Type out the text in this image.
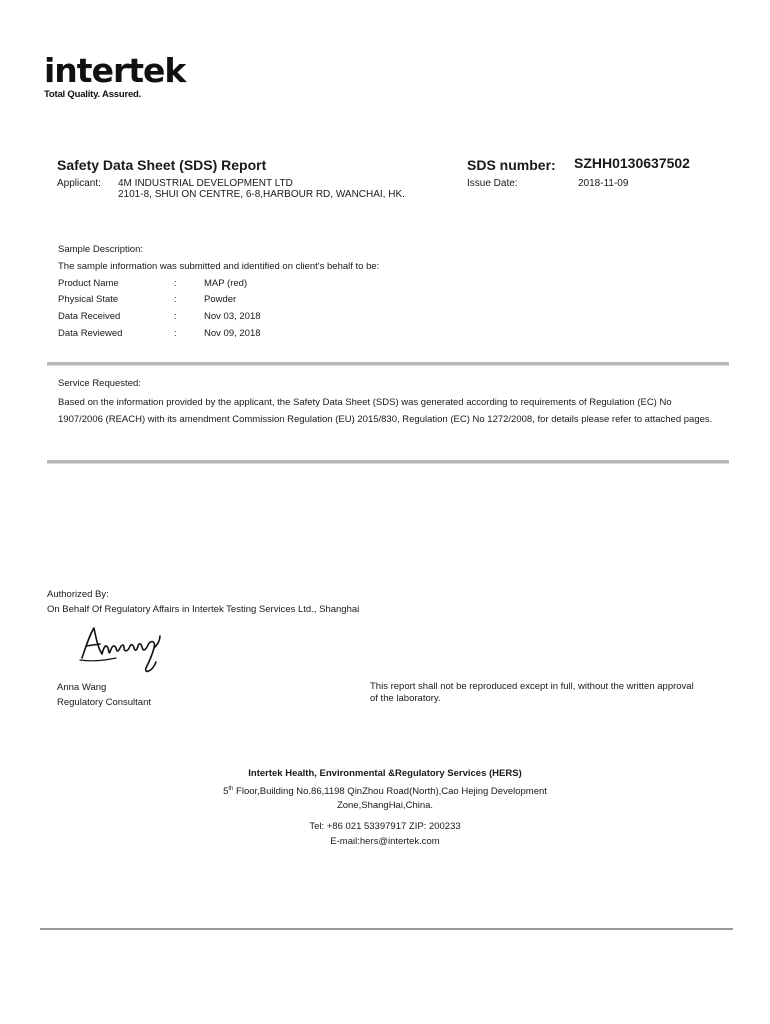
intertek
Total Quality. Assured.
Safety Data Sheet (SDS) Report	SDS number: SZHH0130637502
Applicant: 4M INDUSTRIAL DEVELOPMENT LTD
2101-8, SHUI ON CENTRE, 6-8,HARBOUR RD, WANCHAI, HK.
Issue Date:	2018-11-09
Sample Description:
The sample information was submitted and identified on client's behalf to be:
Product Name	:	MAP (red)
Physical State	:	Powder
Data Received	:	Nov 03, 2018
Data Reviewed	:	Nov 09, 2018
Service Requested:
Based on the information provided by the applicant, the Safety Data Sheet (SDS) was generated according to requirements of Regulation (EC) No 1907/2006 (REACH) with its amendment Commission Regulation (EU) 2015/830, Regulation (EC) No 1272/2008, for details please refer to attached pages.
Authorized By:
On Behalf Of Regulatory Affairs in Intertek Testing Services Ltd., Shanghai
Anna Wang
Regulatory Consultant
This report shall not be reproduced except in full, without the written approval of the laboratory.
Intertek Health, Environmental &Regulatory Services (HERS)
5th Floor,Building No.86,1198 QinZhou Road(North),Cao Hejing Development
Zone,ShangHai,China.
Tel: +86 021 53397917 ZIP: 200233
E-mail:hers@intertek.com
